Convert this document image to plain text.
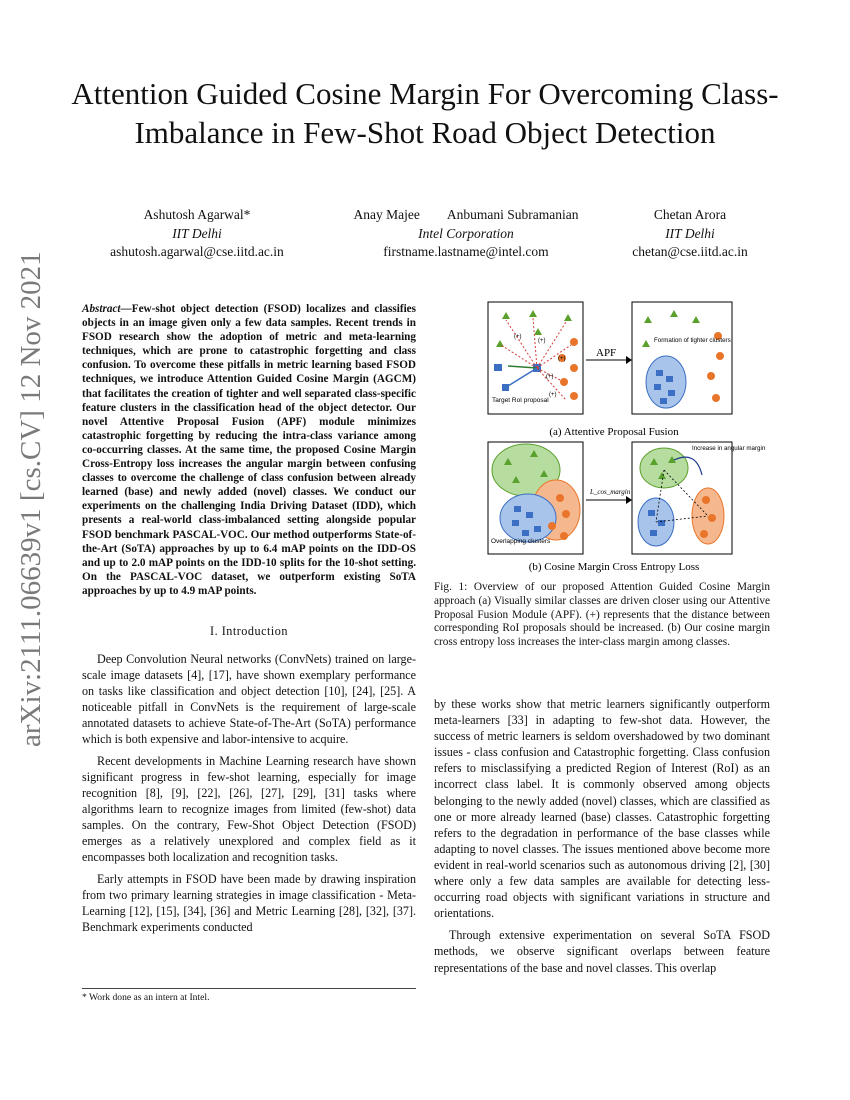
arXiv:2111.06639v1 [cs.CV] 12 Nov 2021
Attention Guided Cosine Margin For Overcoming Class-Imbalance in Few-Shot Road Object Detection
Ashutosh Agarwal*
IIT Delhi
ashutosh.agarwal@cse.iitd.ac.in
Anay Majee Anbumani Subramanian
Intel Corporation
firstname.lastname@intel.com
Chetan Arora
IIT Delhi
chetan@cse.iitd.ac.in
Abstract—Few-shot object detection (FSOD) localizes and classifies objects in an image given only a few data samples. Recent trends in FSOD research show the adoption of metric and meta-learning techniques, which are prone to catastrophic forgetting and class confusion. To overcome these pitfalls in metric learning based FSOD techniques, we introduce Attention Guided Cosine Margin (AGCM) that facilitates the creation of tighter and well separated class-specific feature clusters in the classification head of the object detector. Our novel Attentive Proposal Fusion (APF) module minimizes catastrophic forgetting by reducing the intra-class variance among co-occurring classes. At the same time, the proposed Cosine Margin Cross-Entropy loss increases the angular margin between confusing classes to overcome the challenge of class confusion between already learned (base) and newly added (novel) classes. We conduct our experiments on the challenging India Driving Dataset (IDD), which presents a real-world class-imbalanced setting alongside popular FSOD benchmark PASCAL-VOC. Our method outperforms State-of-the-Art (SoTA) approaches by up to 6.4 mAP points on the IDD-OS and up to 2.0 mAP points on the IDD-10 splits for the 10-shot setting. On the PASCAL-VOC dataset, we outperform existing SoTA approaches by up to 4.9 mAP points.
I. Introduction

Deep Convolution Neural networks (ConvNets) trained on large-scale image datasets [4], [17], have shown exemplary performance on tasks like classification and object detection [10], [24], [25]. A noticeable pitfall in ConvNets is the requirement of large-scale annotated datasets to achieve State-of-The-Art (SoTA) performance which is both expensive and labor-intensive to acquire.

Recent developments in Machine Learning research have shown significant progress in few-shot learning, especially for image recognition [8], [9], [22], [26], [27], [29], [31] tasks where algorithms learn to recognize images from limited (few-shot) data samples. On the contrary, Few-Shot Object Detection (FSOD) emerges as a relatively unexplored and complex field as it encompasses both localization and recognition tasks.

Early attempts in FSOD have been made by drawing inspiration from two primary learning strategies in image classification - Meta-Learning [12], [15], [34], [36] and Metric Learning [28], [32], [37]. Benchmark experiments conducted

* Work done as an intern at Intel.
(+)
(+)
(+)
(+)
(+)
Target RoI proposal
APF
Formation of tighter clusters
(a) Attentive Proposal Fusion
Overlapping clusters
L_cos_margin
Increase in angular margin
(b) Cosine Margin Cross Entropy Loss
Fig. 1: Overview of our proposed Attention Guided Cosine Margin approach (a) Visually similar classes are driven closer using our Attentive Proposal Fusion Module (APF). (+) represents that the distance between corresponding RoI proposals should be increased. (b) Our cosine margin cross entropy loss increases the inter-class margin among classes.

by these works show that metric learners significantly outperform meta-learners [33] in adapting to few-shot data. However, the success of metric learners is seldom overshadowed by two dominant issues - class confusion and Catastrophic forgetting. Class confusion refers to misclassifying a predicted Region of Interest (RoI) as an incorrect class label. It is commonly observed among objects belonging to the newly added (novel) classes, which are classified as one or more already learned (base) classes. Catastrophic forgetting refers to the degradation in performance of the base classes while adapting to novel classes. The issues mentioned above become more evident in real-world scenarios such as autonomous driving [2], [30] where only a few data samples are available for detecting less-occurring road objects with significant variations in structure and orientations.

Through extensive experimentation on several SoTA FSOD methods, we observe significant overlaps between feature representations of the base and novel classes. This overlap
